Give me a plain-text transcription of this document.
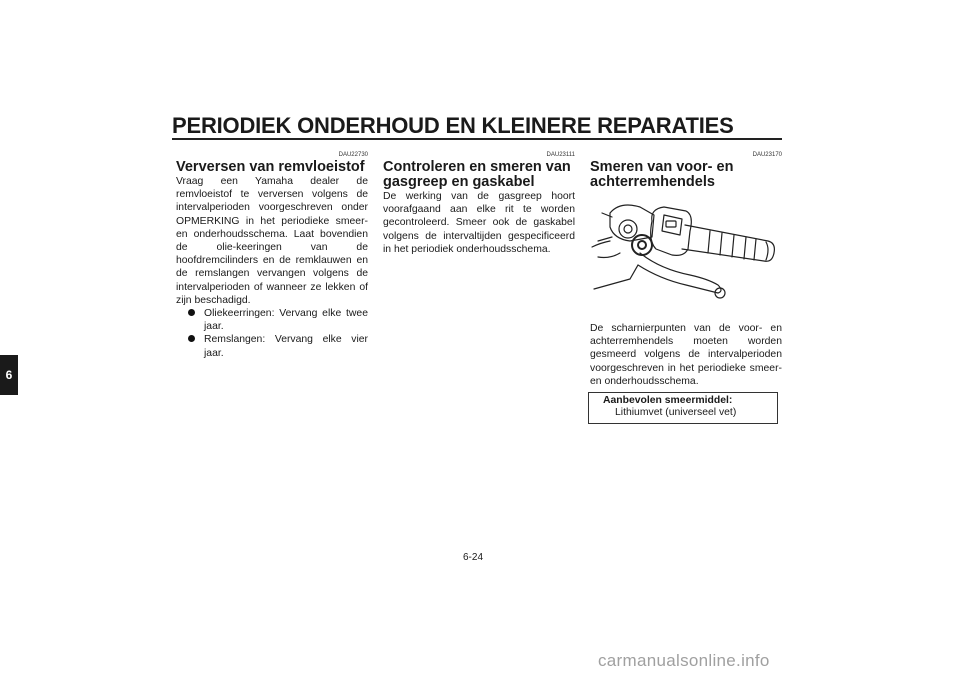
PERIODIEK ONDERHOUD EN KLEINERE REPARATIES
6
DAU22730
Verversen van remvloeistof

Vraag een Yamaha dealer de remvloeistof te verversen volgens de intervalperioden voorgeschreven onder OPMERKING in het periodieke smeer- en onderhoudsschema. Laat bovendien de olie-keeringen van de hoofdremcilinders en de remklauwen en de remslangen vervangen volgens de intervalperioden of wanneer ze lekken of zijn beschadigd.

Oliekeerringen: Vervang elke twee jaar.
Remslangen: Vervang elke vier jaar.
DAU23111
Controleren en smeren van gasgreep en gaskabel

De werking van de gasgreep hoort voorafgaand aan elke rit te worden gecontroleerd. Smeer ook de gaskabel volgens de intervaltijden gespecificeerd in het periodiek onderhoudsschema.

DAU23170
Smeren van voor- en achterremhendels

De scharnierpunten van de voor- en achterremhendels moeten worden gesmeerd volgens de intervalperioden voorgeschreven in het periodieke smeer- en onderhoudsschema.

Aanbevolen smeermiddel:
Lithiumvet (universeel vet)
6-24
carmanualsonline.info
